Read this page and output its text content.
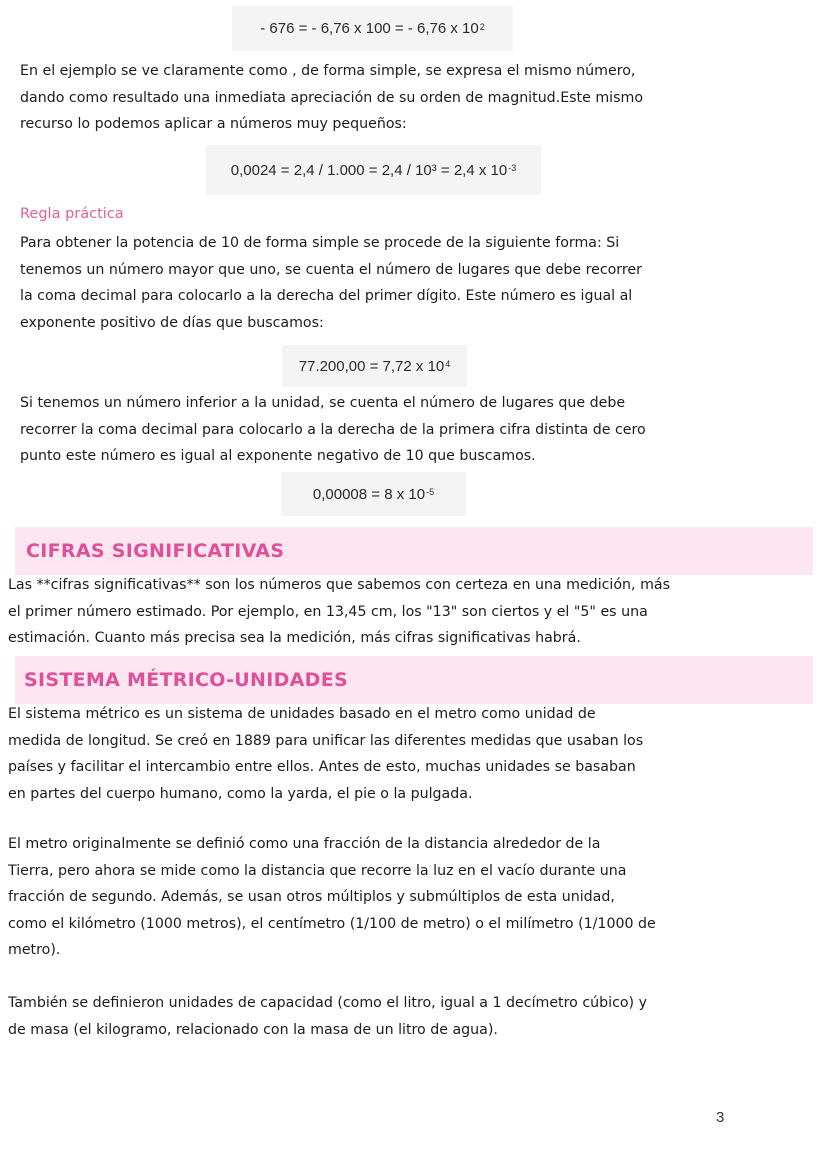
- 676 = - 6,76 x 100 = - 6,76 x $10^2$
En el ejemplo se ve claramente como , de forma simple, se expresa el mismo número,
dando como resultado una inmediata apreciación de su orden de magnitud.Este mismo
recurso lo podemos aplicar a números muy pequeños:
0,0024 = 2,4 / 1.000 = 2,4 / 10³ = 2,4 x $10^{-3}$
Regla práctica
Para obtener la potencia de 10 de forma simple se procede de la siguiente forma: Si
tenemos un número mayor que uno, se cuenta el número de lugares que debe recorrer
la coma decimal para colocarlo a la derecha del primer dígito. Este número es igual al
exponente positivo de días que buscamos:
77.200,00 = 7,72 x $10^4$
Si tenemos un número inferior a la unidad, se cuenta el número de lugares que debe
recorrer la coma decimal para colocarlo a la derecha de la primera cifra distinta de cero
punto este número es igual al exponente negativo de 10 que buscamos.
0,00008 = 8 x $10^{-5}$
CIFRAS SIGNIFICATIVAS
Las **cifras significativas** son los números que sabemos con certeza en una medición, más
el primer número estimado. Por ejemplo, en 13,45 cm, los "13" son ciertos y el "5" es una
estimación. Cuanto más precisa sea la medición, más cifras significativas habrá.
SISTEMA MÉTRICO-UNIDADES
El sistema métrico es un sistema de unidades basado en el metro como unidad de
medida de longitud. Se creó en 1889 para unificar las diferentes medidas que usaban los
países y facilitar el intercambio entre ellos. Antes de esto, muchas unidades se basaban
en partes del cuerpo humano, como la yarda, el pie o la pulgada.
El metro originalmente se definió como una fracción de la distancia alrededor de la
Tierra, pero ahora se mide como la distancia que recorre la luz en el vacío durante una
fracción de segundo. Además, se usan otros múltiplos y submúltiplos de esta unidad,
como el kilómetro (1000 metros), el centímetro (1/100 de metro) o el milímetro (1/1000 de
metro).
También se definieron unidades de capacidad (como el litro, igual a 1 decímetro cúbico) y
de masa (el kilogramo, relacionado con la masa de un litro de agua).
3
